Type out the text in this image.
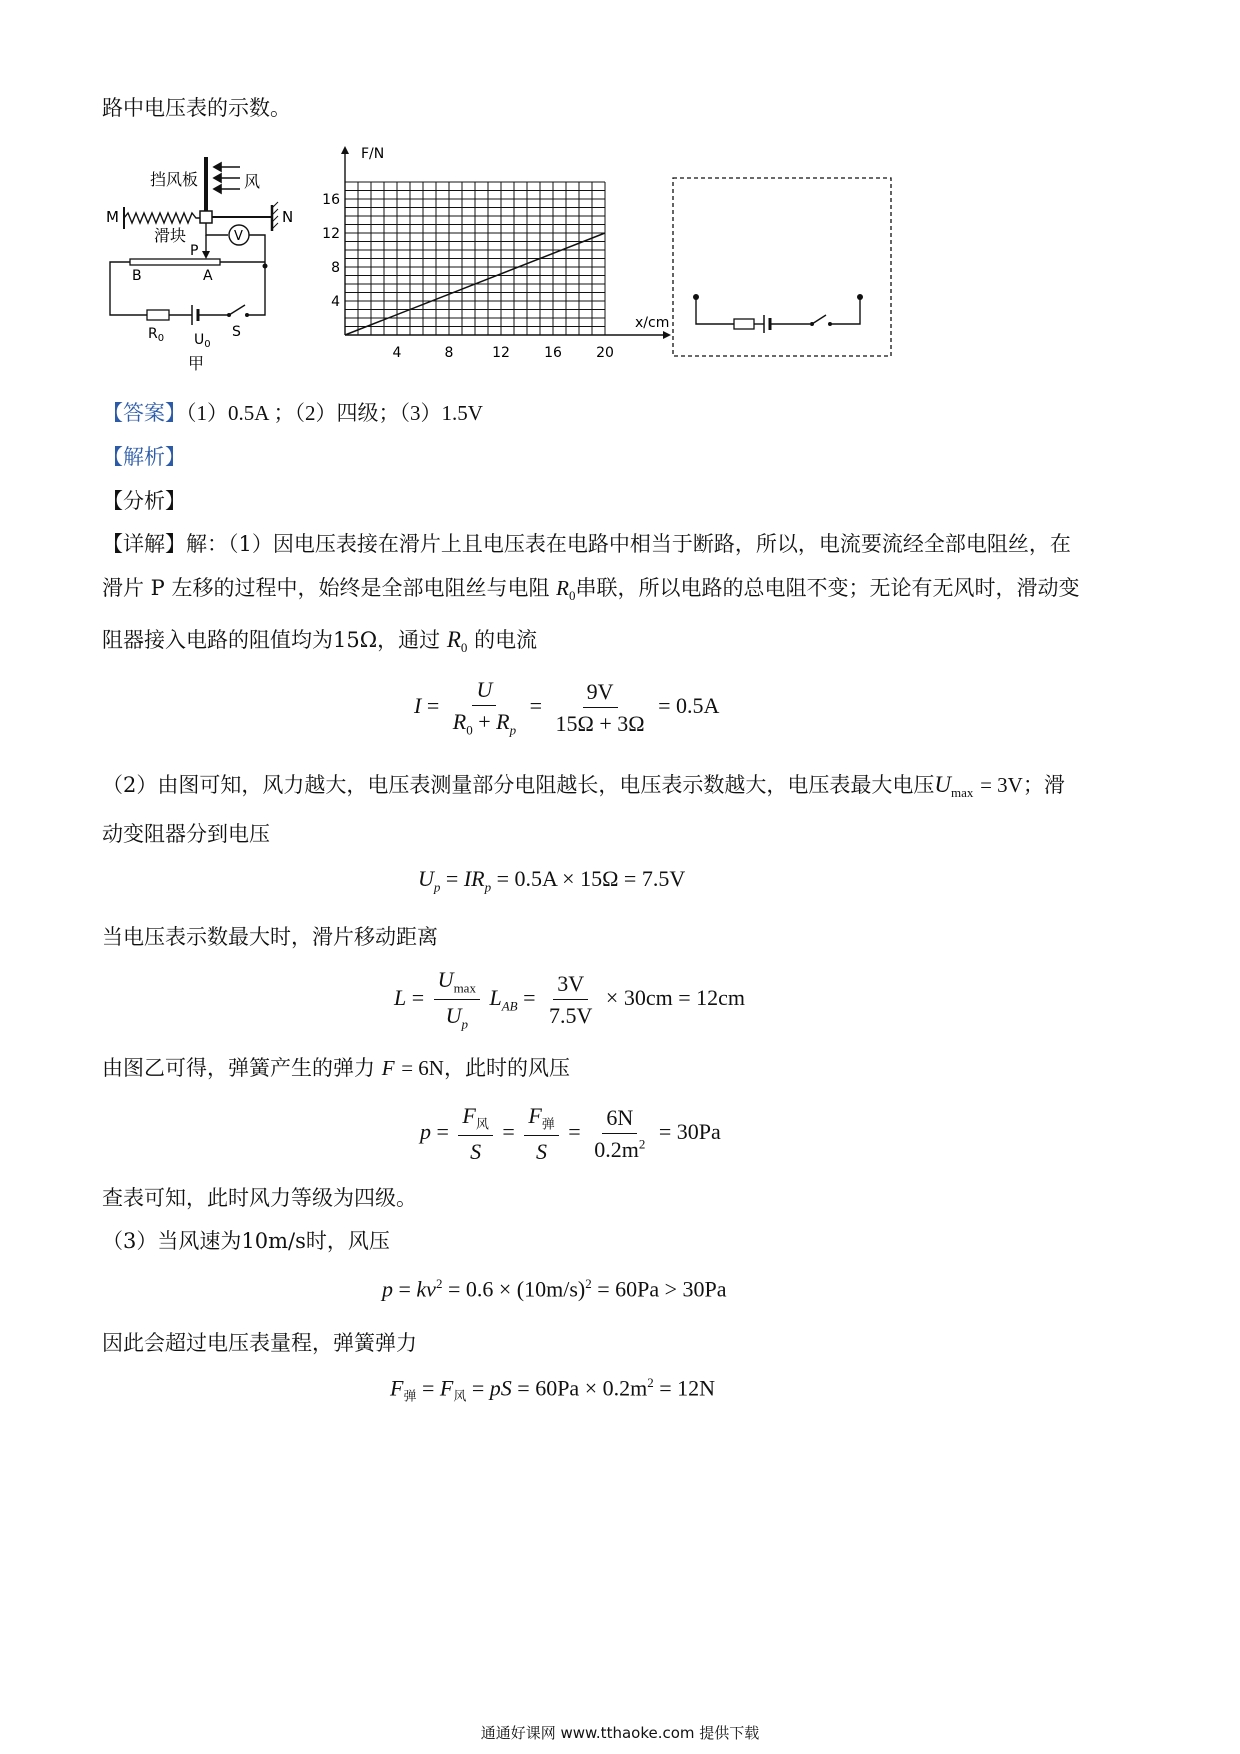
路中电压表的示数。
挡风板	风
M	N
滑块	V
P
B	A
$R_0$ $U_0$
S
甲
F/N
x/cm
4	8	12 16 20
4
8
12
16
【答案】（1）0.5A ；（2）四级；（3）1.5V
【解析】
【分析】
【详解】解：（1）因电压表接在滑片上且电压表在电路中相当于断路，所以，电流要流经全部电阻丝，在
滑片 P 左移的过程中，始终是全部电阻丝与电阻 $R_0$串联，所以电路的总电阻不变；无论有无风时，滑动变
阻器接入电路的阻值均为15Ω，通过 $R_0$ 的电流
$I = \frac{U}{R_0 + R_p} = \frac{9V}{15\Omega + 3\Omega} = 0.5A$
（2）由图可知，风力越大，电压表测量部分电阻越长，电压表示数越大，电压表最大电压$U_{max} = 3V$；滑
动变阻器分到电压
$U_p = IR_p = 0.5A \times 15\Omega = 7.5V$
当电压表示数最大时，滑片移动距离
$L = \frac{U_{max}}{U_p} L_{AB} = \frac{3V}{7.5V} \times 30cm = 12cm$
由图乙可得，弹簧产生的弹力 F = 6N，此时的风压
$p = \frac{F_风}{S} = \frac{F_弹}{S} = \frac{6N}{0.2m^2} = 30Pa$
查表可知，此时风力等级为四级。
（3）当风速为10m/s时，风压
$p = kv^2 = 0.6 \times (10m/s)^2 = 60Pa > 30Pa$
因此会超过电压表量程，弹簧弹力
$F_弹 = F_风$ = pS = $60Pa \times 0.2m^2 = 12N$
通通好课网 www.tthaoke.com 提供下载
